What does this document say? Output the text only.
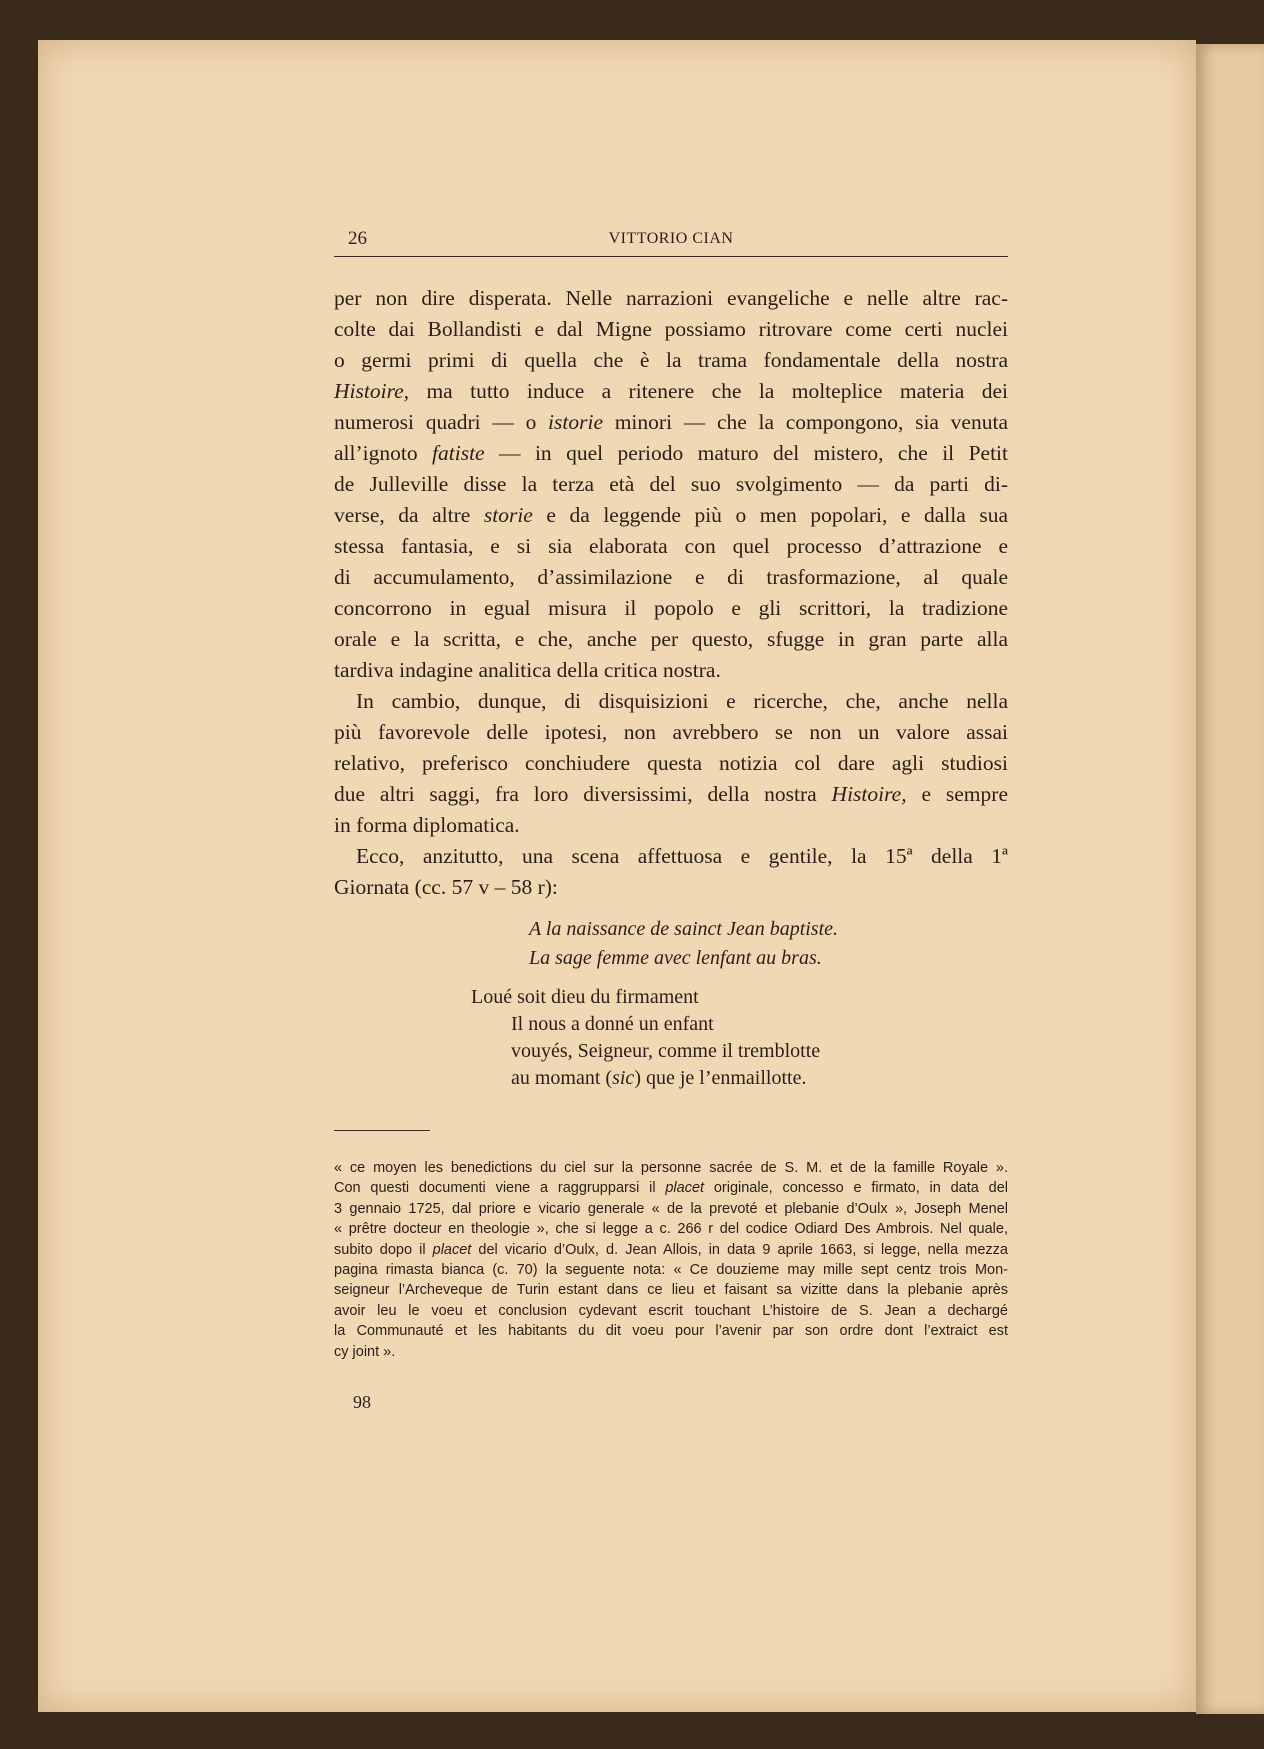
26	VITTORIO CIAN
per non dire disperata. Nelle narrazioni evangeliche e nelle altre rac-
colte dai Bollandisti e dal Migne possiamo ritrovare come certi nuclei
o germi primi di quella che è la trama fondamentale della nostra
Histoire, ma tutto induce a ritenere che la molteplice materia dei
numerosi quadri — o istorie minori — che la compongono, sia venuta
all’ignoto fatiste — in quel periodo maturo del mistero, che il Petit
de Julleville disse la terza età del suo svolgimento — da parti di-
verse, da altre storie e da leggende più o men popolari, e dalla sua
stessa fantasia, e si sia elaborata con quel processo d’attrazione e
di accumulamento, d’assimilazione e di trasformazione, al quale
concorrono in egual misura il popolo e gli scrittori, la tradizione
orale e la scritta, e che, anche per questo, sfugge in gran parte alla
tardiva indagine analitica della critica nostra.
In cambio, dunque, di disquisizioni e ricerche, che, anche nella
più favorevole delle ipotesi, non avrebbero se non un valore assai
relativo, preferisco conchiudere questa notizia col dare agli studiosi
due altri saggi, fra loro diversissimi, della nostra Histoire, e sempre
in forma diplomatica.
Ecco, anzitutto, una scena affettuosa e gentile, la 15ª della 1ª
Giornata (cc. 57 v – 58 r):
A la naissance de sainct Jean baptiste.
La sage femme avec lenfant au bras.
Loué soit dieu du firmament
Il nous a donné un enfant
vouyés, Seigneur, comme il tremblotte
au momant (sic) que je l’enmaillotte.
« ce moyen les benedictions du ciel sur la personne sacrée de S. M. et de la famille Royale ».
Con questi documenti viene a raggrupparsi il placet originale, concesso e firmato, in data del
3 gennaio 1725, dal priore e vicario generale « de la prevoté et plebanie d’Oulx », Joseph Menel
« prêtre docteur en theologie », che si legge a c. 266 r del codice Odiard Des Ambrois. Nel quale,
subito dopo il placet del vicario d’Oulx, d. Jean Allois, in data 9 aprile 1663, si legge, nella mezza
pagina rimasta bianca (c. 70) la seguente nota: « Ce douzieme may mille sept centz trois Mon-
seigneur l’Archeveque de Turin estant dans ce lieu et faisant sa vizitte dans la plebanie après
avoir leu le voeu et conclusion cydevant escrit touchant L’histoire de S. Jean a dechargé
la Communauté et les habitants du dit voeu pour l’avenir par son ordre dont l’extraict est
cy joint ».
98
